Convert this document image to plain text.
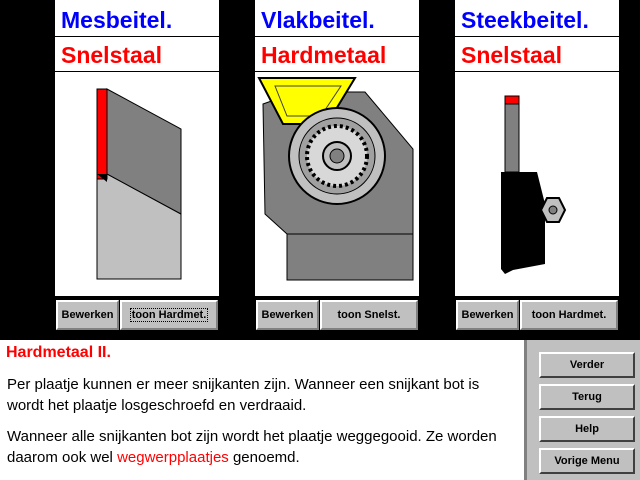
Mesbeitel.
Snelstaal
Vlakbeitel.
Hardmetaal
Steekbeitel.
Snelstaal
Bewerken	toon Hardmet.	Bewerken	toon Snelst.	Bewerken	toon Hardmet.
Hardmetaal II.

Per plaatje kunnen er meer snijkanten zijn. Wanneer een snijkant bot is wordt het plaatje losgeschroefd en verdraaid.

Wanneer alle snijkanten bot zijn wordt het plaatje weggegooid. Ze worden daarom ook wel wegwerpplaatjes genoemd.

Verder
Terug
Help
Vorige Menu
